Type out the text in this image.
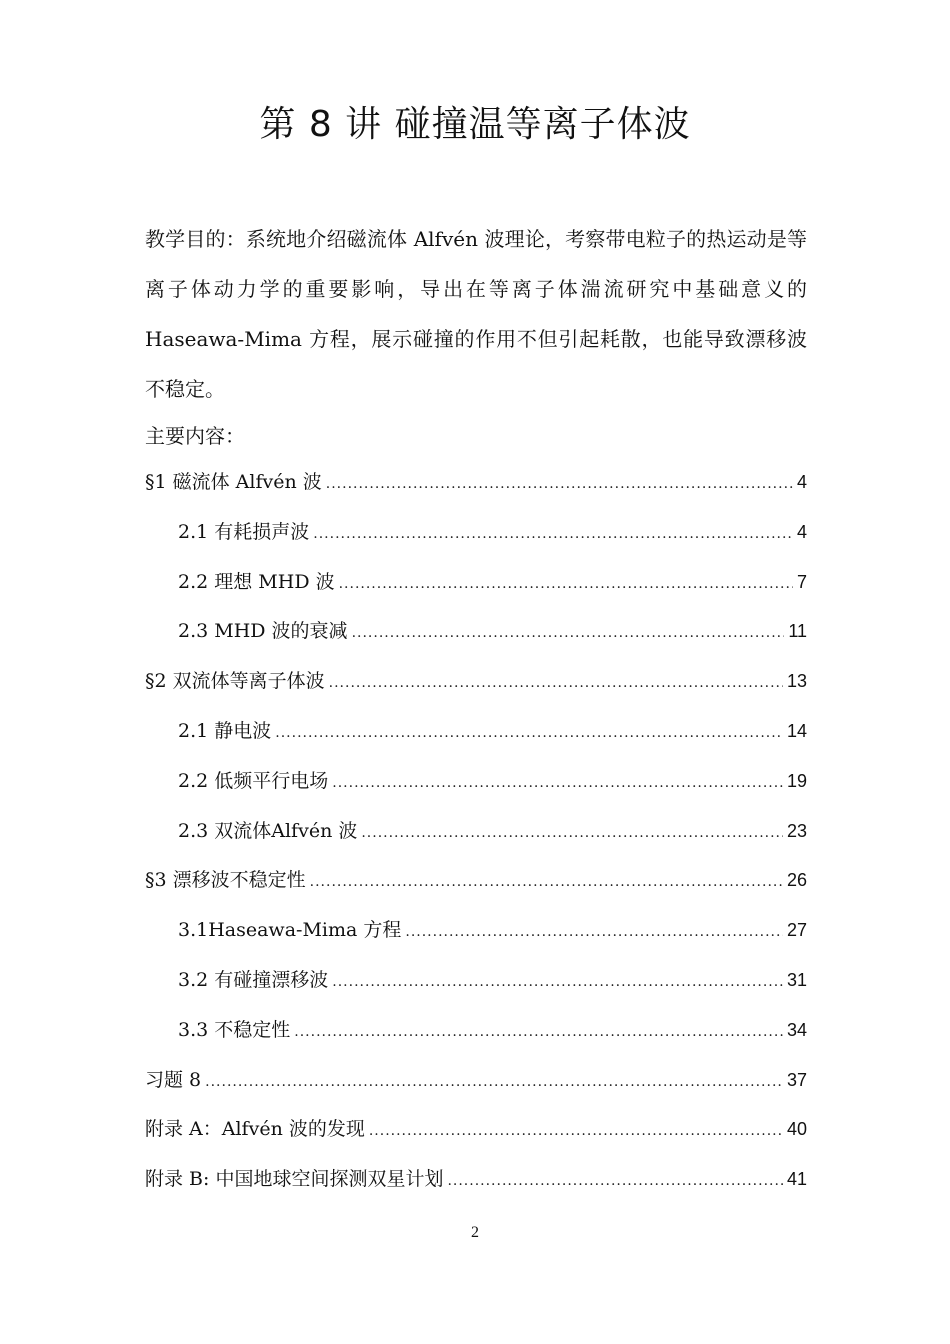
第 8 讲 碰撞温等离子体波

教学目的：系统地介绍磁流体 Alfvén 波理论，考察带电粒子的热运动是等离子体动力学的重要影响，导出在等离子体湍流研究中基础意义的 Haseawa-Mima 方程，展示碰撞的作用不但引起耗散，也能导致漂移波不稳定。

主要内容：

§1 磁流体 Alfvén 波 .....	4
2.1 有耗损声波 .....	4
2.2 理想 MHD 波 .....	7
2.3 MHD 波的衰减 .....	11
§2 双流体等离子体波 .....	13
2.1 静电波 .....	14
2.2 低频平行电场 .....	19
2.3 双流体Alfvén 波 .....	23
§3 漂移波不稳定性 .....	26
3.1Haseawa-Mima 方程 .....	27
3.2 有碰撞漂移波 .....	31
3.3 不稳定性 .....	34
习题 8 .....	37
附录 A：Alfvén 波的发现 .....	40
附录 B: 中国地球空间探测双星计划 .....	41
2
